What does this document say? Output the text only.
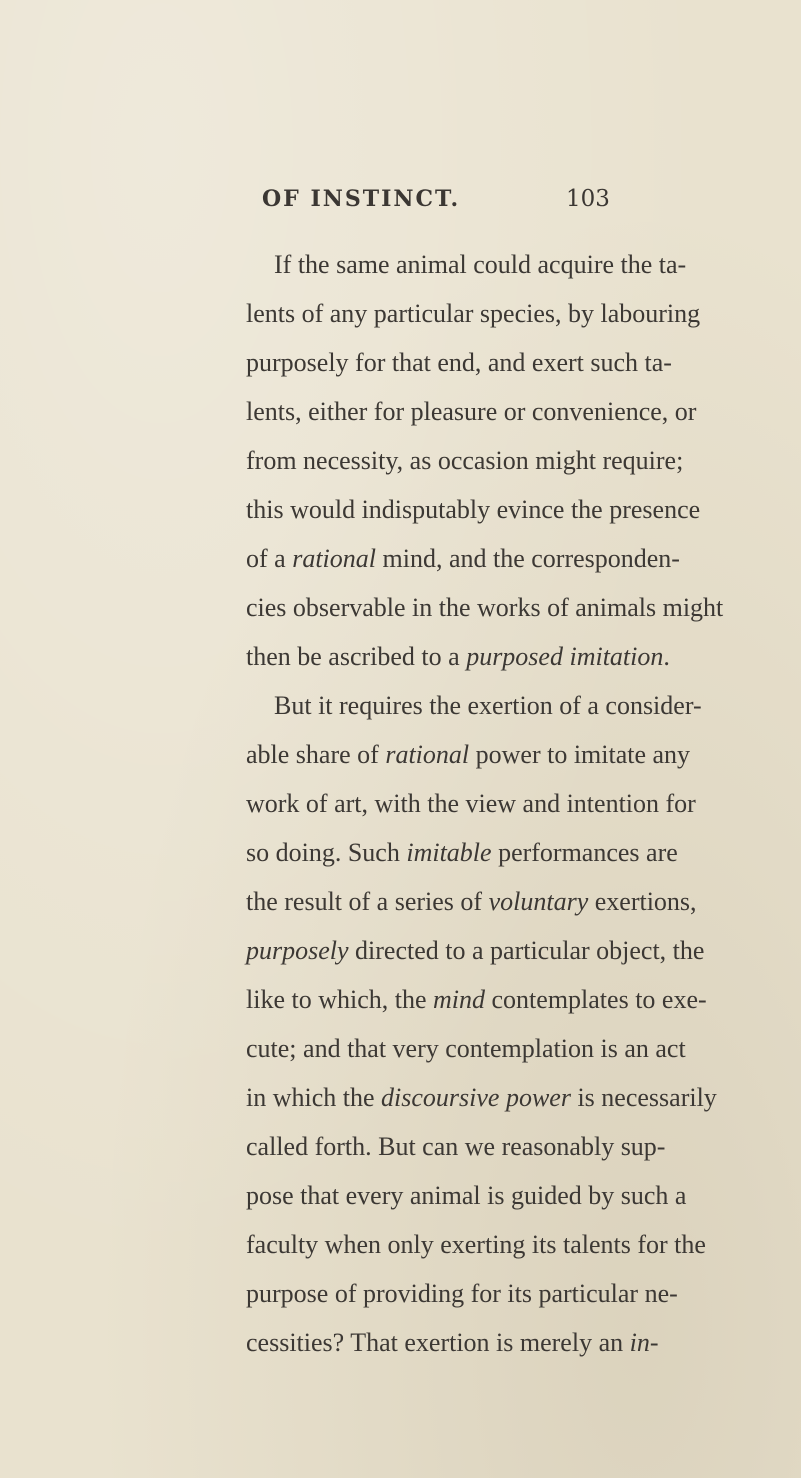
OF INSTINCT.	103
If the same animal could acquire the ta-
lents of any particular species, by labouring
purposely for that end, and exert such ta-
lents, either for pleasure or convenience, or
from necessity, as occasion might require;
this would indisputably evince the presence
of a rational mind, and the corresponden-
cies observable in the works of animals might
then be ascribed to a purposed imitation.
But it requires the exertion of a consider-
able share of rational power to imitate any
work of art, with the view and intention for
so doing. Such imitable performances are
the result of a series of voluntary exertions,
purposely directed to a particular object, the
like to which, the mind contemplates to exe-
cute; and that very contemplation is an act
in which the discoursive power is necessarily
called forth. But can we reasonably sup-
pose that every animal is guided by such a
faculty when only exerting its talents for the
purpose of providing for its particular ne-
cessities? That exertion is merely an in-
